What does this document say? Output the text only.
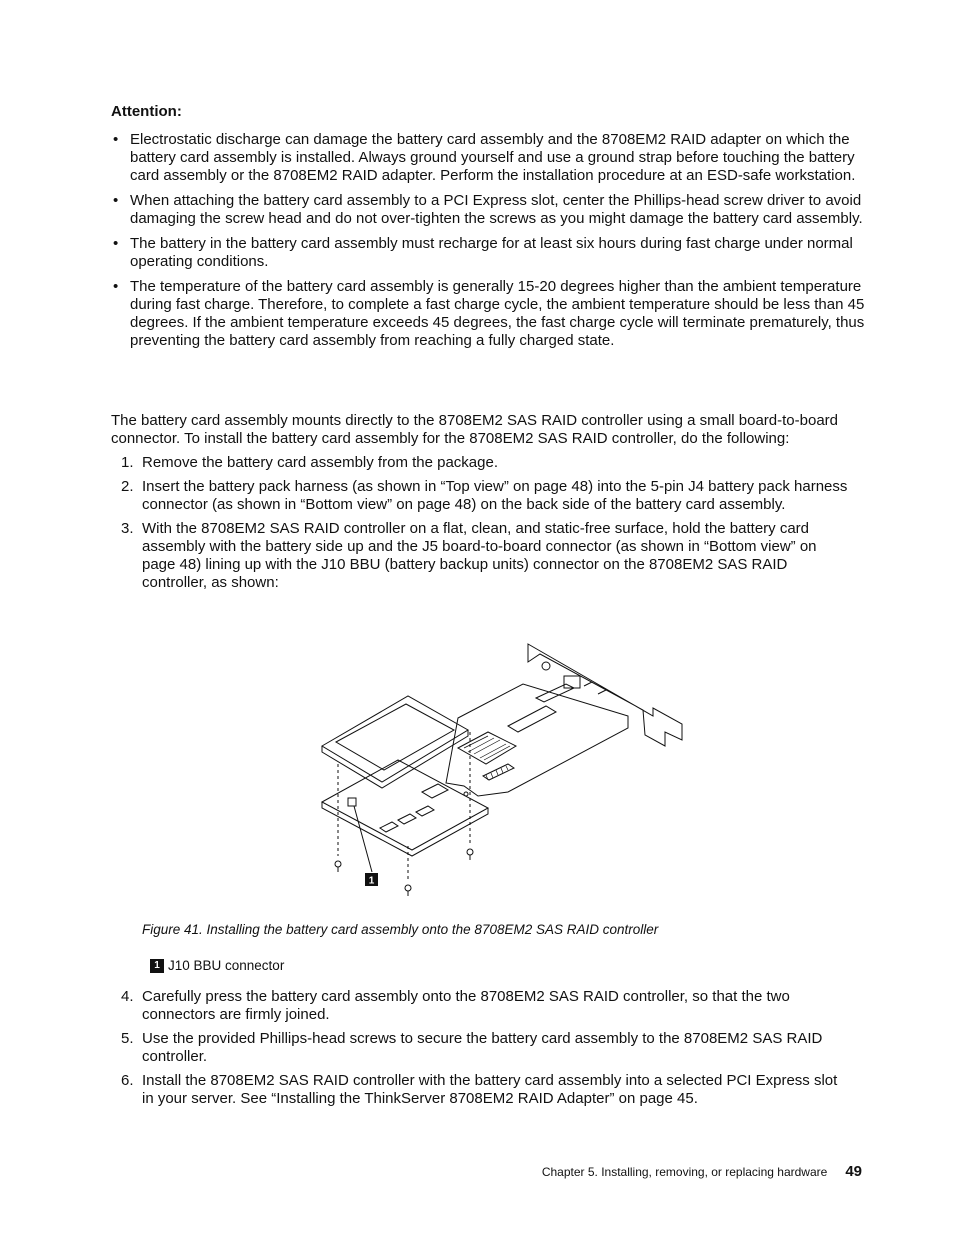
Attention:
• Electrostatic discharge can damage the battery card assembly and the 8708EM2 RAID adapter on which the battery card assembly is installed. Always ground yourself and use a ground strap before touching the battery card assembly or the 8708EM2 RAID adapter. Perform the installation procedure at an ESD-safe workstation.
• When attaching the battery card assembly to a PCI Express slot, center the Phillips-head screw driver to avoid damaging the screw head and do not over-tighten the screws as you might damage the battery card assembly.
• The battery in the battery card assembly must recharge for at least six hours during fast charge under normal operating conditions.
• The temperature of the battery card assembly is generally 15-20 degrees higher than the ambient temperature during fast charge. Therefore, to complete a fast charge cycle, the ambient temperature should be less than 45 degrees. If the ambient temperature exceeds 45 degrees, the fast charge cycle will terminate prematurely, thus preventing the battery card assembly from reaching a fully charged state.

The battery card assembly mounts directly to the 8708EM2 SAS RAID controller using a small board-to-board connector. To install the battery card assembly for the 8708EM2 SAS RAID controller, do the following:

1. Remove the battery card assembly from the package.
2. Insert the battery pack harness (as shown in “Top view” on page 48) into the 5-pin J4 battery pack harness connector (as shown in “Bottom view” on page 48) on the back side of the battery card assembly.
3. With the 8708EM2 SAS RAID controller on a flat, clean, and static-free surface, hold the battery card assembly with the battery side up and the J5 board-to-board connector (as shown in “Bottom view” on page 48) lining up with the J10 BBU (battery backup units) connector on the 8708EM2 SAS RAID controller, as shown:
1
Figure 41. Installing the battery card assembly onto the 8708EM2 SAS RAID controller
1 J10 BBU connector
4. Carefully press the battery card assembly onto the 8708EM2 SAS RAID controller, so that the two connectors are firmly joined.
5. Use the provided Phillips-head screws to secure the battery card assembly to the 8708EM2 SAS RAID controller.
6. Install the 8708EM2 SAS RAID controller with the battery card assembly into a selected PCI Express slot in your server. See “Installing the ThinkServer 8708EM2 RAID Adapter” on page 45.
Chapter 5. Installing, removing, or replacing hardware 49
